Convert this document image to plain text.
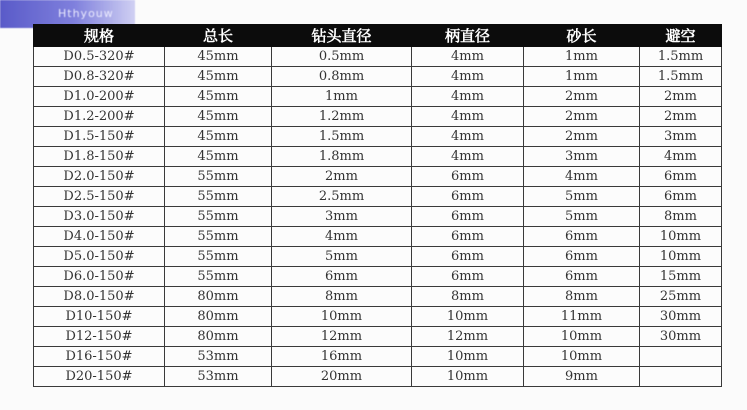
Hthyouw
规格	总长	钻头直径	柄直径	砂长	避空
D0.5-320#	45mm	0.5mm	4mm	1mm	1.5mm
D0.8-320#	45mm	0.8mm	4mm	1mm	1.5mm
D1.0-200#	45mm	1mm	4mm	2mm	2mm
D1.2-200#	45mm	1.2mm	4mm	2mm	2mm
D1.5-150#	45mm	1.5mm	4mm	2mm	3mm
D1.8-150#	45mm	1.8mm	4mm	3mm	4mm
D2.0-150#	55mm	2mm	6mm	4mm	6mm
D2.5-150#	55mm	2.5mm	6mm	5mm	6mm
D3.0-150#	55mm	3mm	6mm	5mm	8mm
D4.0-150#	55mm	4mm	6mm	6mm	10mm
D5.0-150#	55mm	5mm	6mm	6mm	10mm
D6.0-150#	55mm	6mm	6mm	6mm	15mm
D8.0-150#	80mm	8mm	8mm	8mm	25mm
D10-150#	80mm	10mm	10mm	11mm	30mm
D12-150#	80mm	12mm	12mm	10mm	30mm
D16-150#	53mm	16mm	10mm	10mm	
D20-150#	53mm	20mm	10mm	9mm	
